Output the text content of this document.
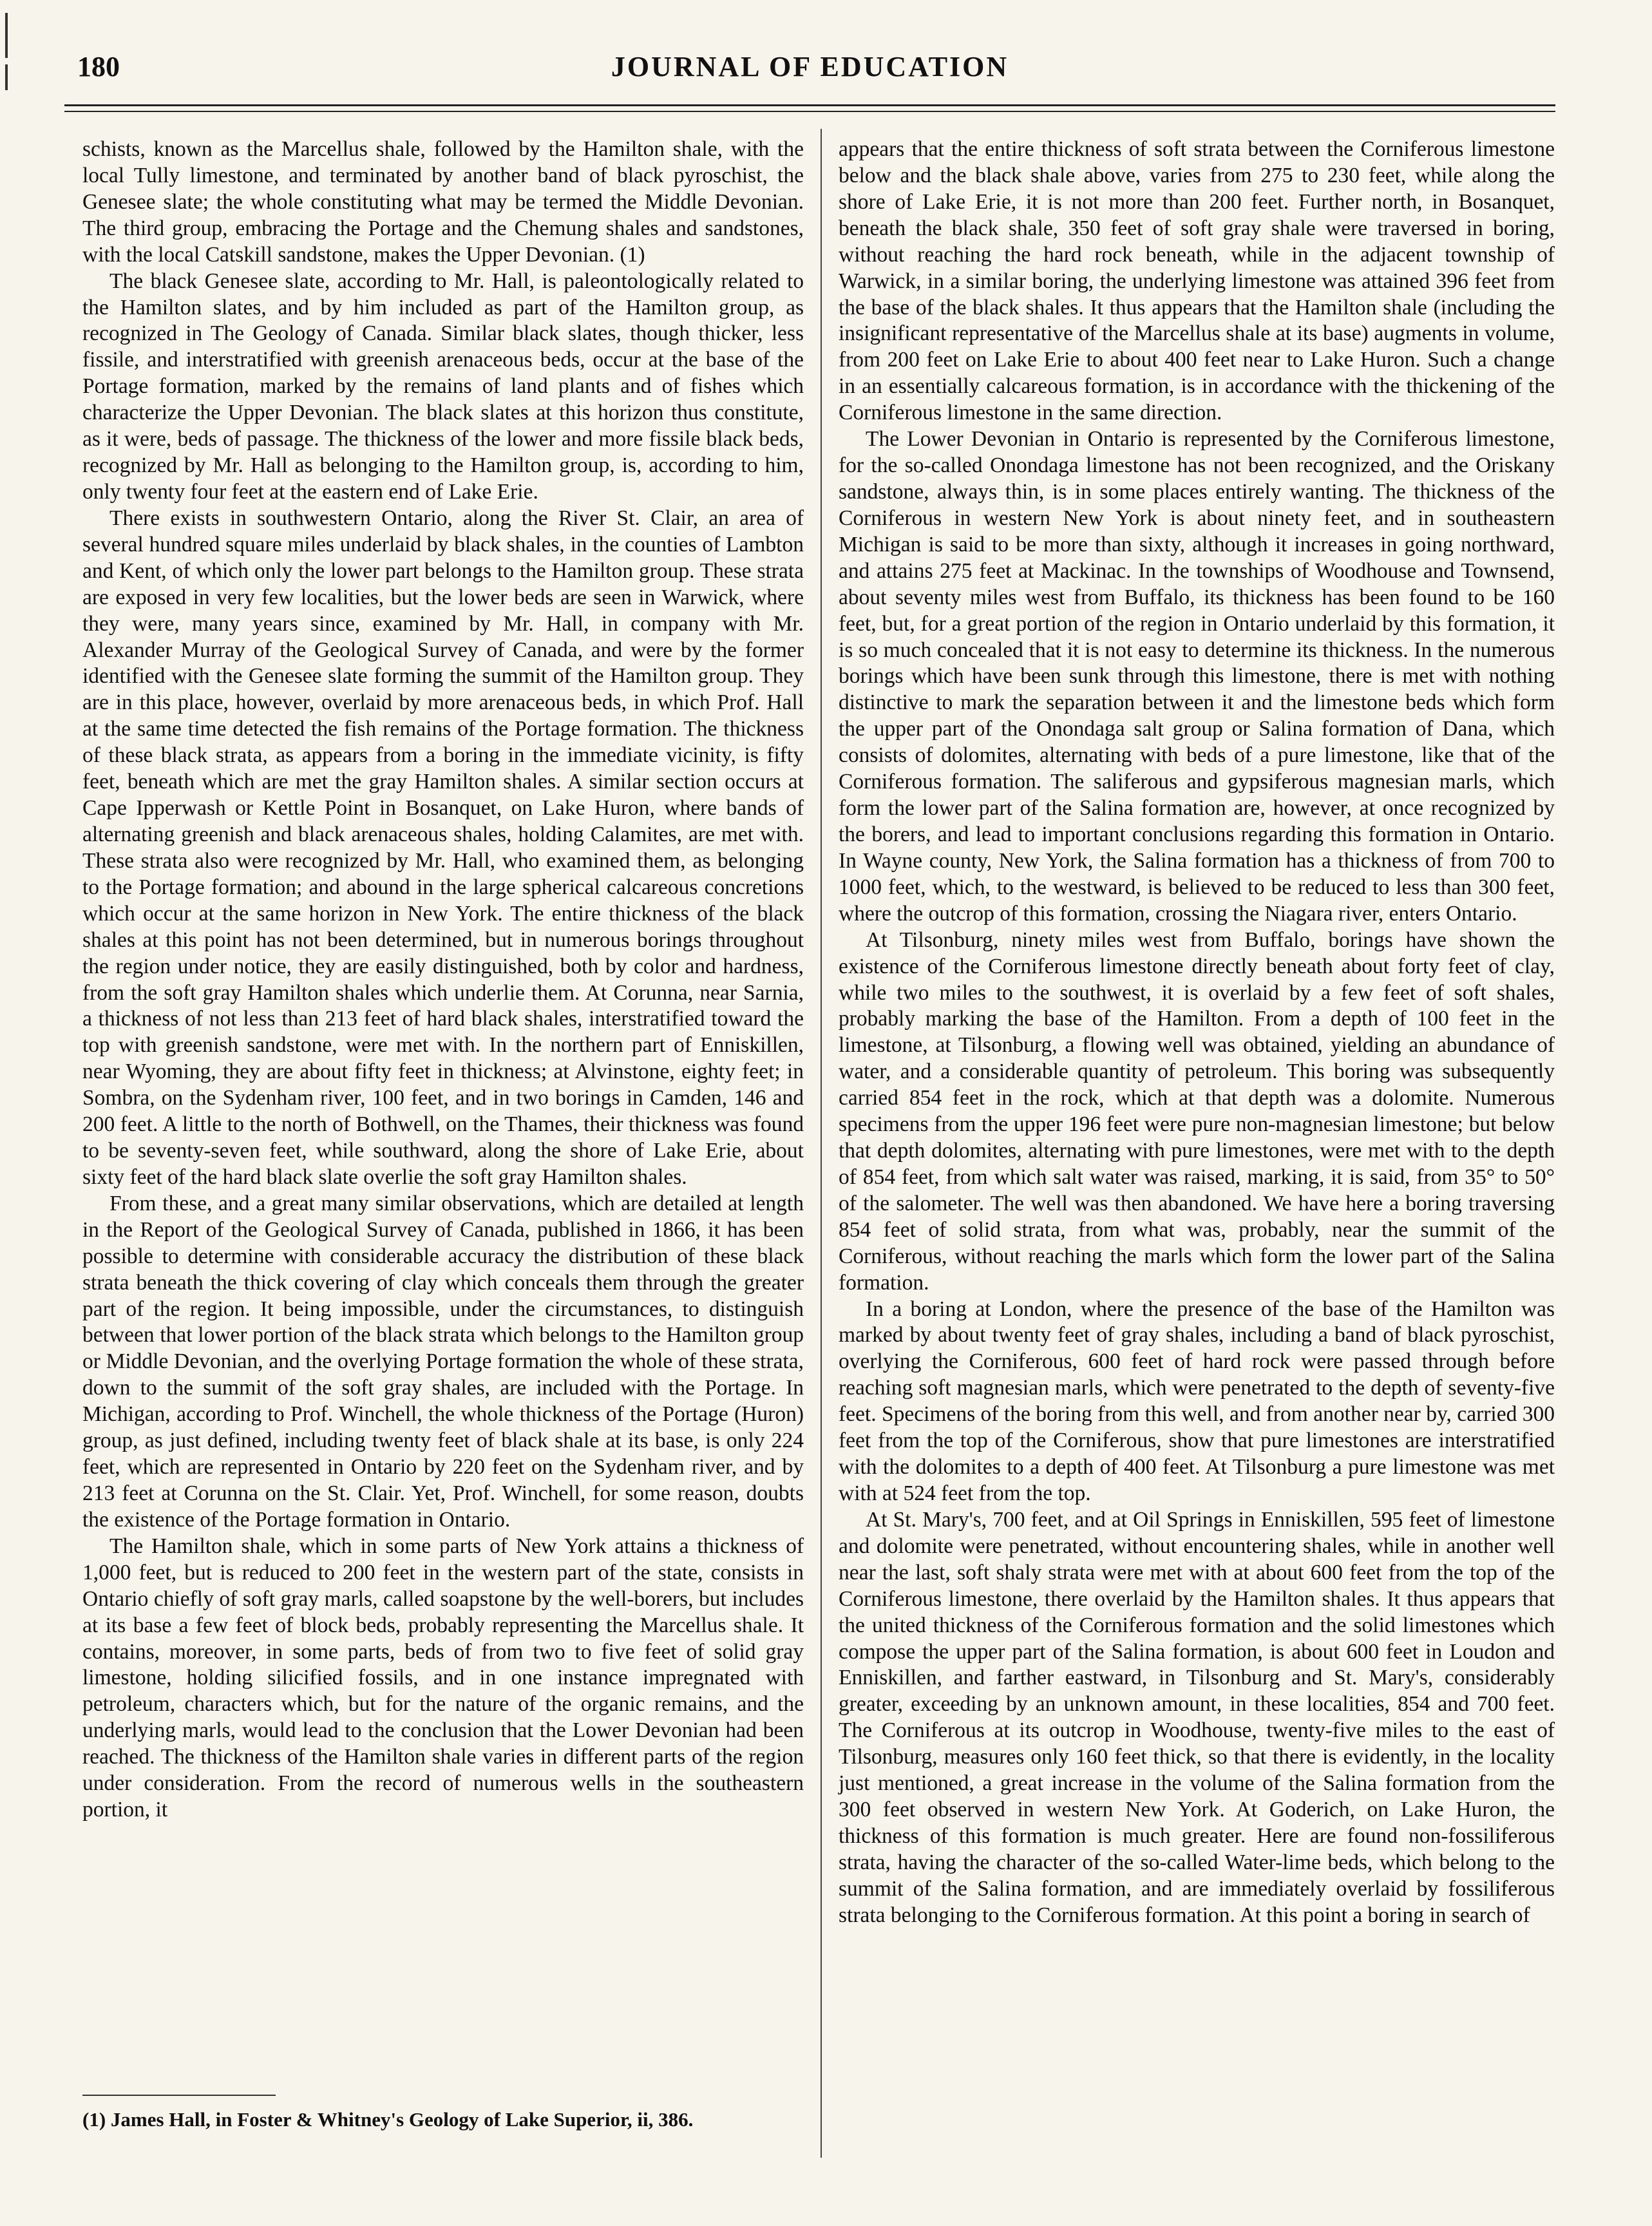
180	JOURNAL OF EDUCATION

schists, known as the Marcellus shale, followed by the Hamilton shale, with the local Tully limestone, and terminated by another band of black pyroschist, the Genesee slate; the whole constituting what may be termed the Middle Devonian. The third group, embracing the Portage and the Chemung shales and sandstones, with the local Catskill sandstone, makes the Upper Devonian. (1)

The black Genesee slate, according to Mr. Hall, is paleontologically related to the Hamilton slates, and by him included as part of the Hamilton group, as recognized in The Geology of Canada. Similar black slates, though thicker, less fissile, and interstratified with greenish arenaceous beds, occur at the base of the Portage formation, marked by the remains of land plants and of fishes which characterize the Upper Devonian. The black slates at this horizon thus constitute, as it were, beds of passage. The thickness of the lower and more fissile black beds, recognized by Mr. Hall as belonging to the Hamilton group, is, according to him, only twenty four feet at the eastern end of Lake Erie.

There exists in southwestern Ontario, along the River St. Clair, an area of several hundred square miles underlaid by black shales, in the counties of Lambton and Kent, of which only the lower part belongs to the Hamilton group. These strata are exposed in very few localities, but the lower beds are seen in Warwick, where they were, many years since, examined by Mr. Hall, in company with Mr. Alexander Murray of the Geological Survey of Canada, and were by the former identified with the Genesee slate forming the summit of the Hamilton group. They are in this place, however, overlaid by more arenaceous beds, in which Prof. Hall at the same time detected the fish remains of the Portage formation. The thickness of these black strata, as appears from a boring in the immediate vicinity, is fifty feet, beneath which are met the gray Hamilton shales. A similar section occurs at Cape Ipperwash or Kettle Point in Bosanquet, on Lake Huron, where bands of alternating greenish and black arenaceous shales, holding Calamites, are met with. These strata also were recognized by Mr. Hall, who examined them, as belonging to the Portage formation; and abound in the large spherical calcareous concretions which occur at the same horizon in New York. The entire thickness of the black shales at this point has not been determined, but in numerous borings throughout the region under notice, they are easily distinguished, both by color and hardness, from the soft gray Hamilton shales which underlie them. At Corunna, near Sarnia, a thickness of not less than 213 feet of hard black shales, interstratified toward the top with greenish sandstone, were met with. In the northern part of Enniskillen, near Wyoming, they are about fifty feet in thickness; at Alvinstone, eighty feet; in Sombra, on the Sydenham river, 100 feet, and in two borings in Camden, 146 and 200 feet. A little to the north of Bothwell, on the Thames, their thickness was found to be seventy-seven feet, while southward, along the shore of Lake Erie, about sixty feet of the hard black slate overlie the soft gray Hamilton shales.

From these, and a great many similar observations, which are detailed at length in the Report of the Geological Survey of Canada, published in 1866, it has been possible to determine with considerable accuracy the distribution of these black strata beneath the thick covering of clay which conceals them through the greater part of the region. It being impossible, under the circumstances, to distinguish between that lower portion of the black strata which belongs to the Hamilton group or Middle Devonian, and the overlying Portage formation the whole of these strata, down to the summit of the soft gray shales, are included with the Portage. In Michigan, according to Prof. Winchell, the whole thickness of the Portage (Huron) group, as just defined, including twenty feet of black shale at its base, is only 224 feet, which are represented in Ontario by 220 feet on the Sydenham river, and by 213 feet at Corunna on the St. Clair. Yet, Prof. Winchell, for some reason, doubts the existence of the Portage formation in Ontario.

The Hamilton shale, which in some parts of New York attains a thickness of 1,000 feet, but is reduced to 200 feet in the western part of the state, consists in Ontario chiefly of soft gray marls, called soapstone by the well-borers, but includes at its base a few feet of block beds, probably representing the Marcellus shale. It contains, moreover, in some parts, beds of from two to five feet of solid gray limestone, holding silicified fossils, and in one instance impregnated with petroleum, characters which, but for the nature of the organic remains, and the underlying marls, would lead to the conclusion that the Lower Devonian had been reached. The thickness of the Hamilton shale varies in different parts of the region under consideration. From the record of numerous wells in the southeastern portion, it

appears that the entire thickness of soft strata between the Corniferous limestone below and the black shale above, varies from 275 to 230 feet, while along the shore of Lake Erie, it is not more than 200 feet. Further north, in Bosanquet, beneath the black shale, 350 feet of soft gray shale were traversed in boring, without reaching the hard rock beneath, while in the adjacent township of Warwick, in a similar boring, the underlying limestone was attained 396 feet from the base of the black shales. It thus appears that the Hamilton shale (including the insignificant representative of the Marcellus shale at its base) augments in volume, from 200 feet on Lake Erie to about 400 feet near to Lake Huron. Such a change in an essentially calcareous formation, is in accordance with the thickening of the Corniferous limestone in the same direction.

The Lower Devonian in Ontario is represented by the Corniferous limestone, for the so-called Onondaga limestone has not been recognized, and the Oriskany sandstone, always thin, is in some places entirely wanting. The thickness of the Corniferous in western New York is about ninety feet, and in southeastern Michigan is said to be more than sixty, although it increases in going northward, and attains 275 feet at Mackinac. In the townships of Woodhouse and Townsend, about seventy miles west from Buffalo, its thickness has been found to be 160 feet, but, for a great portion of the region in Ontario underlaid by this formation, it is so much concealed that it is not easy to determine its thickness. In the numerous borings which have been sunk through this limestone, there is met with nothing distinctive to mark the separation between it and the limestone beds which form the upper part of the Onondaga salt group or Salina formation of Dana, which consists of dolomites, alternating with beds of a pure limestone, like that of the Corniferous formation. The saliferous and gypsiferous magnesian marls, which form the lower part of the Salina formation are, however, at once recognized by the borers, and lead to important conclusions regarding this formation in Ontario. In Wayne county, New York, the Salina formation has a thickness of from 700 to 1000 feet, which, to the westward, is believed to be reduced to less than 300 feet, where the outcrop of this formation, crossing the Niagara river, enters Ontario.

At Tilsonburg, ninety miles west from Buffalo, borings have shown the existence of the Corniferous limestone directly beneath about forty feet of clay, while two miles to the southwest, it is overlaid by a few feet of soft shales, probably marking the base of the Hamilton. From a depth of 100 feet in the limestone, at Tilsonburg, a flowing well was obtained, yielding an abundance of water, and a considerable quantity of petroleum. This boring was subsequently carried 854 feet in the rock, which at that depth was a dolomite. Numerous specimens from the upper 196 feet were pure non-magnesian limestone; but below that depth dolomites, alternating with pure limestones, were met with to the depth of 854 feet, from which salt water was raised, marking, it is said, from 35° to 50° of the salometer. The well was then abandoned. We have here a boring traversing 854 feet of solid strata, from what was, probably, near the summit of the Corniferous, without reaching the marls which form the lower part of the Salina formation.

In a boring at London, where the presence of the base of the Hamilton was marked by about twenty feet of gray shales, including a band of black pyroschist, overlying the Corniferous, 600 feet of hard rock were passed through before reaching soft magnesian marls, which were penetrated to the depth of seventy-five feet. Specimens of the boring from this well, and from another near by, carried 300 feet from the top of the Corniferous, show that pure limestones are interstratified with the dolomites to a depth of 400 feet. At Tilsonburg a pure limestone was met with at 524 feet from the top.

At St. Mary's, 700 feet, and at Oil Springs in Enniskillen, 595 feet of limestone and dolomite were penetrated, without encountering shales, while in another well near the last, soft shaly strata were met with at about 600 feet from the top of the Corniferous limestone, there overlaid by the Hamilton shales. It thus appears that the united thickness of the Corniferous formation and the solid limestones which compose the upper part of the Salina formation, is about 600 feet in Loudon and Enniskillen, and farther eastward, in Tilsonburg and St. Mary's, considerably greater, exceeding by an unknown amount, in these localities, 854 and 700 feet. The Corniferous at its outcrop in Woodhouse, twenty-five miles to the east of Tilsonburg, measures only 160 feet thick, so that there is evidently, in the locality just mentioned, a great increase in the volume of the Salina formation from the 300 feet observed in western New York. At Goderich, on Lake Huron, the thickness of this formation is much greater. Here are found non-fossiliferous strata, having the character of the so-called Water-lime beds, which belong to the summit of the Salina formation, and are immediately overlaid by fossiliferous strata belonging to the Corniferous formation. At this point a boring in search of

(1) James Hall, in Foster & Whitney's Geology of Lake Superior, ii, 386.
